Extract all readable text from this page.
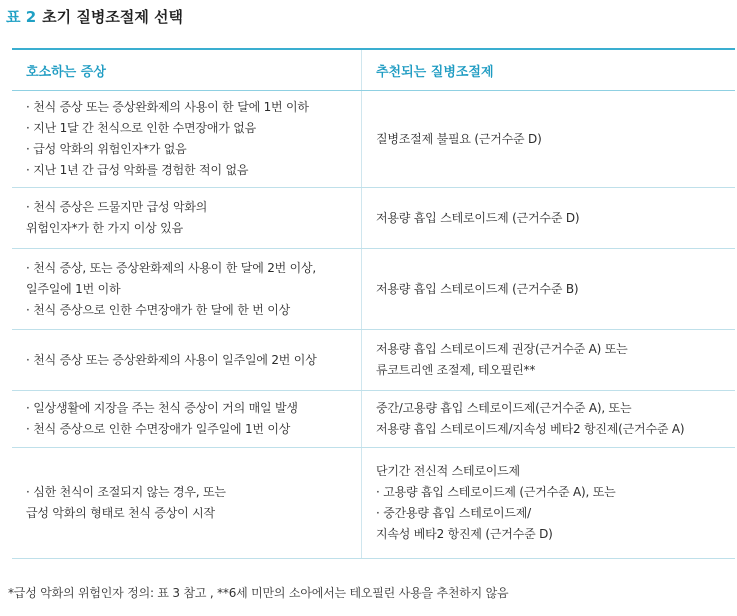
표 2 초기 질병조절제 선택
호소하는 증상	추천되는 질병조절제
· 천식 증상 또는 증상완화제의 사용이 한 달에 1번 이하
· 지난 1달 간 천식으로 인한 수면장애가 없음
· 급성 악화의 위험인자*가 없음
· 지난 1년 간 급성 악화를 경험한 적이 없음
질병조절제 불필요 (근거수준 D)
· 천식 증상은 드물지만 급성 악화의
위험인자*가 한 가지 이상 있음
저용량 흡입 스테로이드제 (근거수준 D)
· 천식 증상, 또는 증상완화제의 사용이 한 달에 2번 이상,
일주일에 1번 이하
· 천식 증상으로 인한 수면장애가 한 달에 한 번 이상
저용량 흡입 스테로이드제 (근거수준 B)
· 천식 증상 또는 증상완화제의 사용이 일주일에 2번 이상
저용량 흡입 스테로이드제 권장(근거수준 A) 또는
류코트리엔 조절제, 테오필린**
· 일상생활에 지장을 주는 천식 증상이 거의 매일 발생
· 천식 증상으로 인한 수면장애가 일주일에 1번 이상
중간/고용량 흡입 스테로이드제(근거수준 A), 또는
저용량 흡입 스테로이드제/지속성 베타2 항진제(근거수준 A)
· 심한 천식이 조절되지 않는 경우, 또는
급성 악화의 형태로 천식 증상이 시작
단기간 전신적 스테로이드제
· 고용량 흡입 스테로이드제 (근거수준 A), 또는
· 중간용량 흡입 스테로이드제/
지속성 베타2 항진제 (근거수준 D)
*급성 악화의 위험인자 정의: 표 3 참고 , **6세 미만의 소아에서는 테오필린 사용을 추천하지 않음
